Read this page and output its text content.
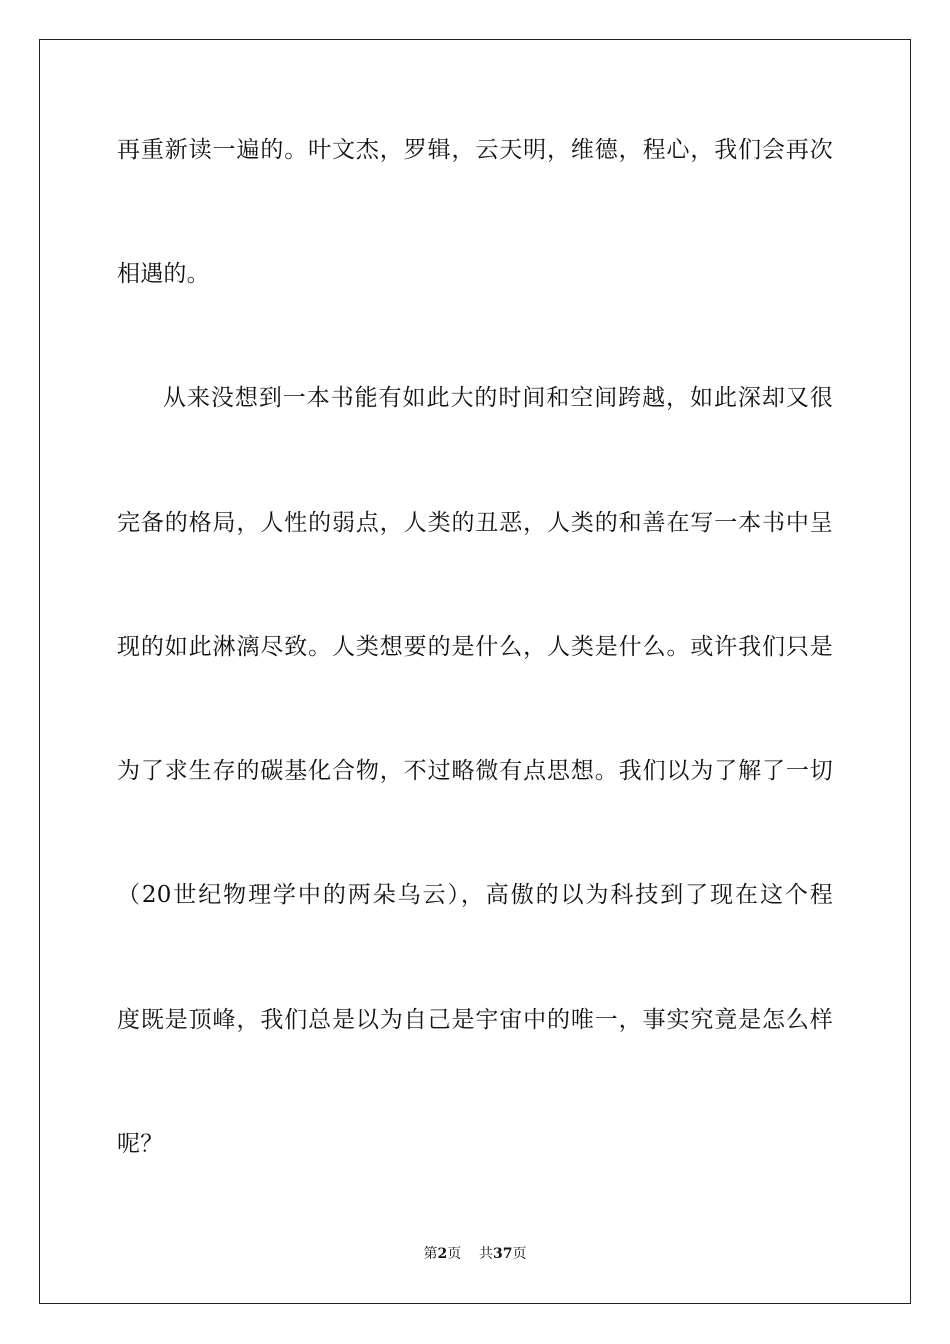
再重新读一遍的。叶文杰，罗辑，云天明，维德，程心，我们会再次
相遇的。
从来没想到一本书能有如此大的时间和空间跨越，如此深却又很
完备的格局，人性的弱点，人类的丑恶，人类的和善在写一本书中呈
现的如此淋漓尽致。人类想要的是什么，人类是什么。或许我们只是
为了求生存的碳基化合物，不过略微有点思想。我们以为了解了一切
（20世纪物理学中的两朵乌云），高傲的以为科技到了现在这个程
度既是顶峰，我们总是以为自己是宇宙中的唯一，事实究竟是怎么样
呢？
第2页 共37页
